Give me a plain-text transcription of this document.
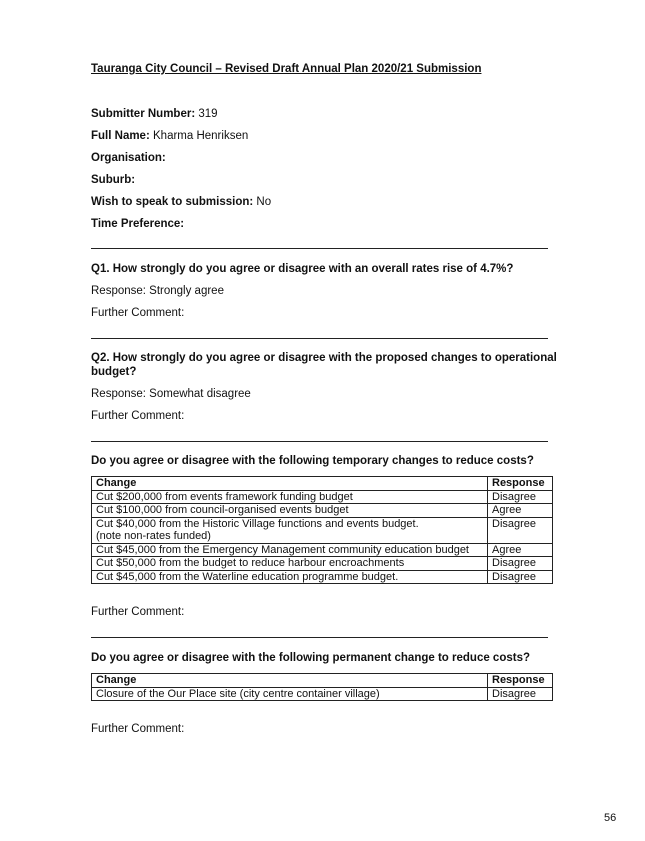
Tauranga City Council – Revised Draft Annual Plan 2020/21 Submission
Submitter Number: 319
Full Name: Kharma Henriksen
Organisation:
Suburb:
Wish to speak to submission: No
Time Preference:
Q1. How strongly do you agree or disagree with an overall rates rise of 4.7%?
Response: Strongly agree
Further Comment:
Q2. How strongly do you agree or disagree with the proposed changes to operational
budget?
Response: Somewhat disagree
Further Comment:
Do you agree or disagree with the following temporary changes to reduce costs?
Change	Response
Cut $200,000 from events framework funding budget	Disagree
Cut $100,000 from council-organised events budget	Agree

Cut $40,000 from the Historic Village functions and events budget.
(note non-rates funded)	Disagree
Cut $45,000 from the Emergency Management community education budget	Agree
Cut $50,000 from the budget to reduce harbour encroachments	Disagree
Cut $45,000 from the Waterline education programme budget.	Disagree
Further Comment:
Do you agree or disagree with the following permanent change to reduce costs?
Change	Response
Closure of the Our Place site (city centre container village)	Disagree
Further Comment:
56
